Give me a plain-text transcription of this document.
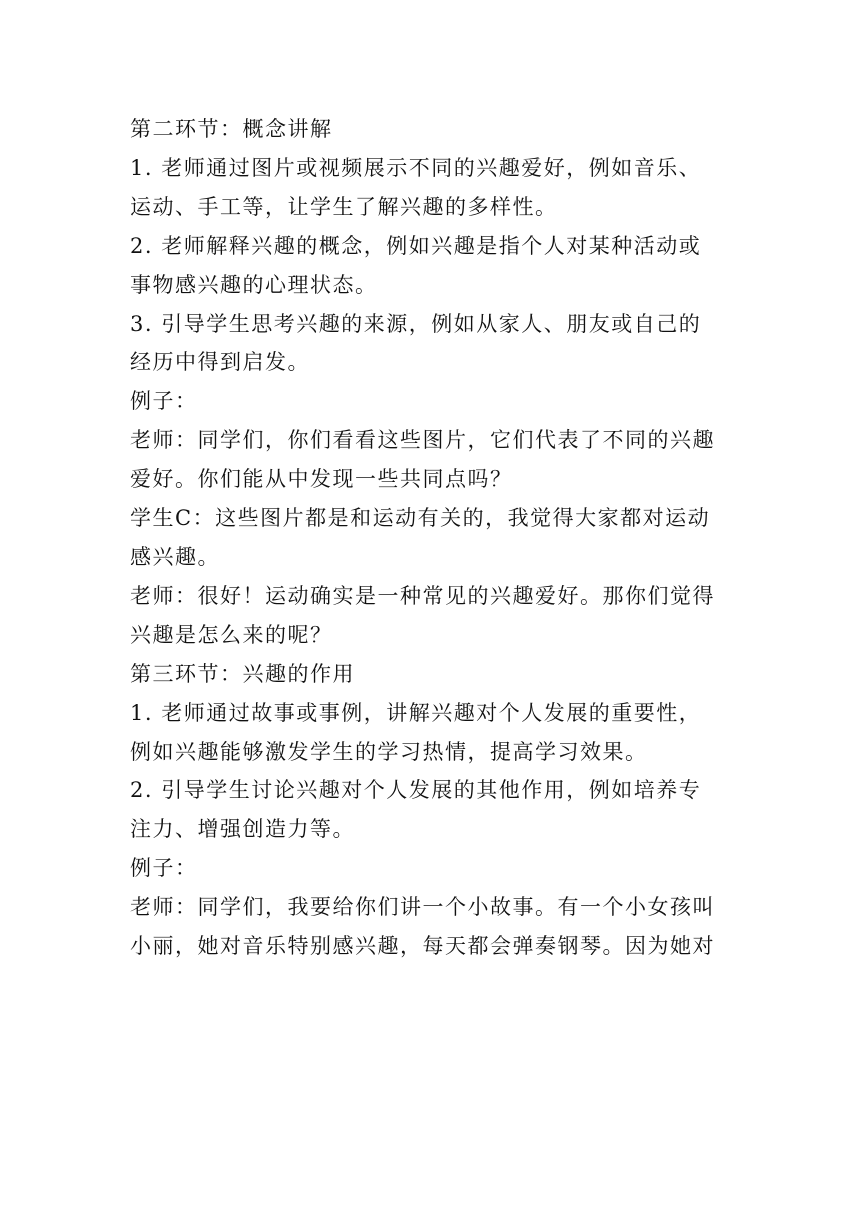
第二环节：概念讲解
1. 老师通过图片或视频展示不同的兴趣爱好，例如音乐、
运动、手工等，让学生了解兴趣的多样性。
2. 老师解释兴趣的概念，例如兴趣是指个人对某种活动或
事物感兴趣的心理状态。
3. 引导学生思考兴趣的来源，例如从家人、朋友或自己的
经历中得到启发。
例子：
老师：同学们，你们看看这些图片，它们代表了不同的兴趣
爱好。你们能从中发现一些共同点吗？
学生C：这些图片都是和运动有关的，我觉得大家都对运动
感兴趣。
老师：很好！运动确实是一种常见的兴趣爱好。那你们觉得
兴趣是怎么来的呢？
第三环节：兴趣的作用
1. 老师通过故事或事例，讲解兴趣对个人发展的重要性，
例如兴趣能够激发学生的学习热情，提高学习效果。
2. 引导学生讨论兴趣对个人发展的其他作用，例如培养专
注力、增强创造力等。
例子：
老师：同学们，我要给你们讲一个小故事。有一个小女孩叫
小丽，她对音乐特别感兴趣，每天都会弹奏钢琴。因为她对
